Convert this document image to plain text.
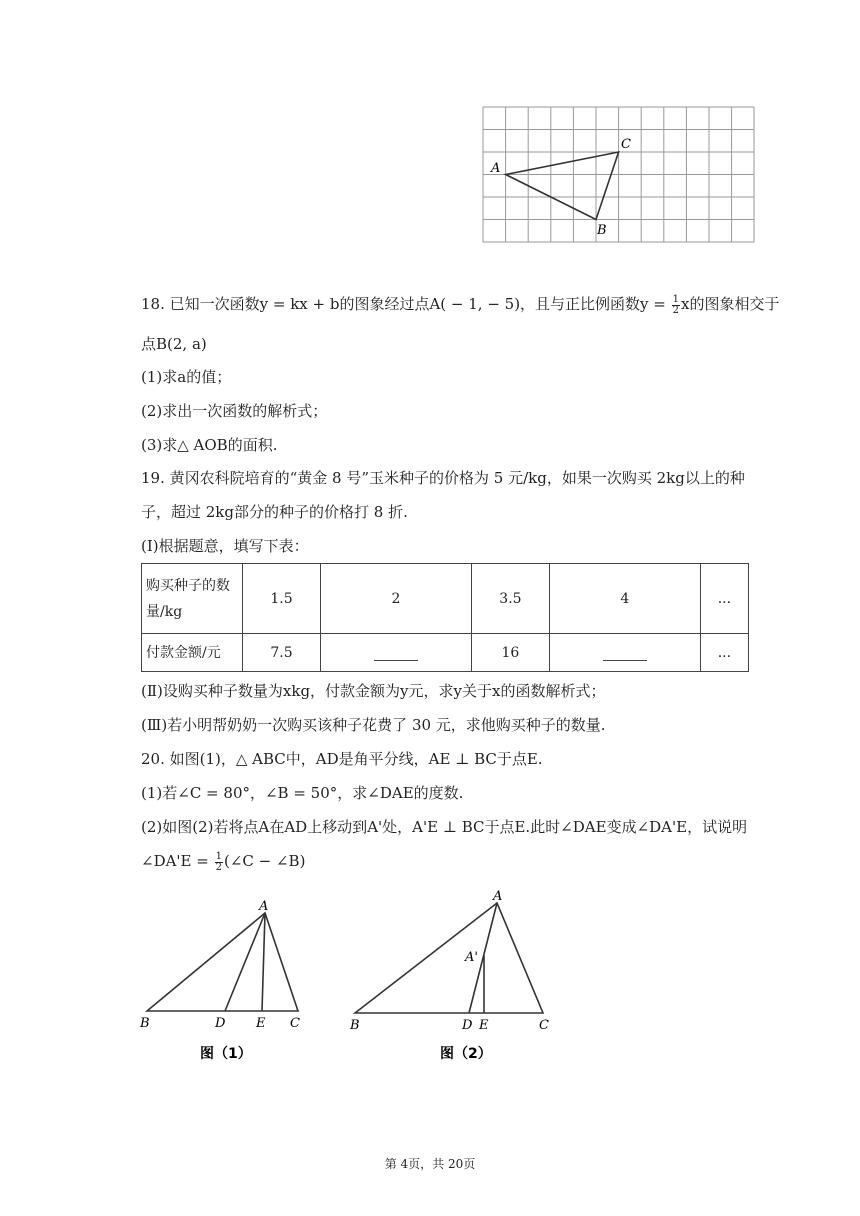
A
C
B
18. 已知一次函数y = kx + b的图象经过点A( − 1, − 5)，且与正比例函数$y = \frac{1}{2}$ x的图象相交于
点B(2, a)
(1)求a的值；
(2)求出一次函数的解析式；
(3)求△ AOB的面积.
19. 黄冈农科院培育的“黄金 8 号”玉米种子的价格为 5 元/kg，如果一次购买 2kg以上的种
子，超过 2kg部分的种子的价格打 8 折.
(Ⅰ)根据题意，填写下表：
购买种子的数
量/kg	1.5	2	3.5	4	...
付款金额/元	7.5		16		...
(Ⅱ)设购买种子数量为xkg，付款金额为y元，求y关于x的函数解析式；
(Ⅲ)若小明帮奶奶一次购买该种子花费了 30 元，求他购买种子的数量.
20. 如图(1)，△ ABC中，AD是角平分线，AE ⊥ BC于点E.
(1)若∠C = 80°，∠B = 50°，求∠DAE的度数.
(2)如图(2)若将点A在AD上移动到A'处，A'E ⊥ BC于点E.此时∠DAE变成∠DA'E，试说明
∠DA'E = $\frac{1}{2}$ (∠C − ∠B)
A
B	D E C
图（1）
A
A'
B	D E	C
图（2）
第 4页，共 20页
